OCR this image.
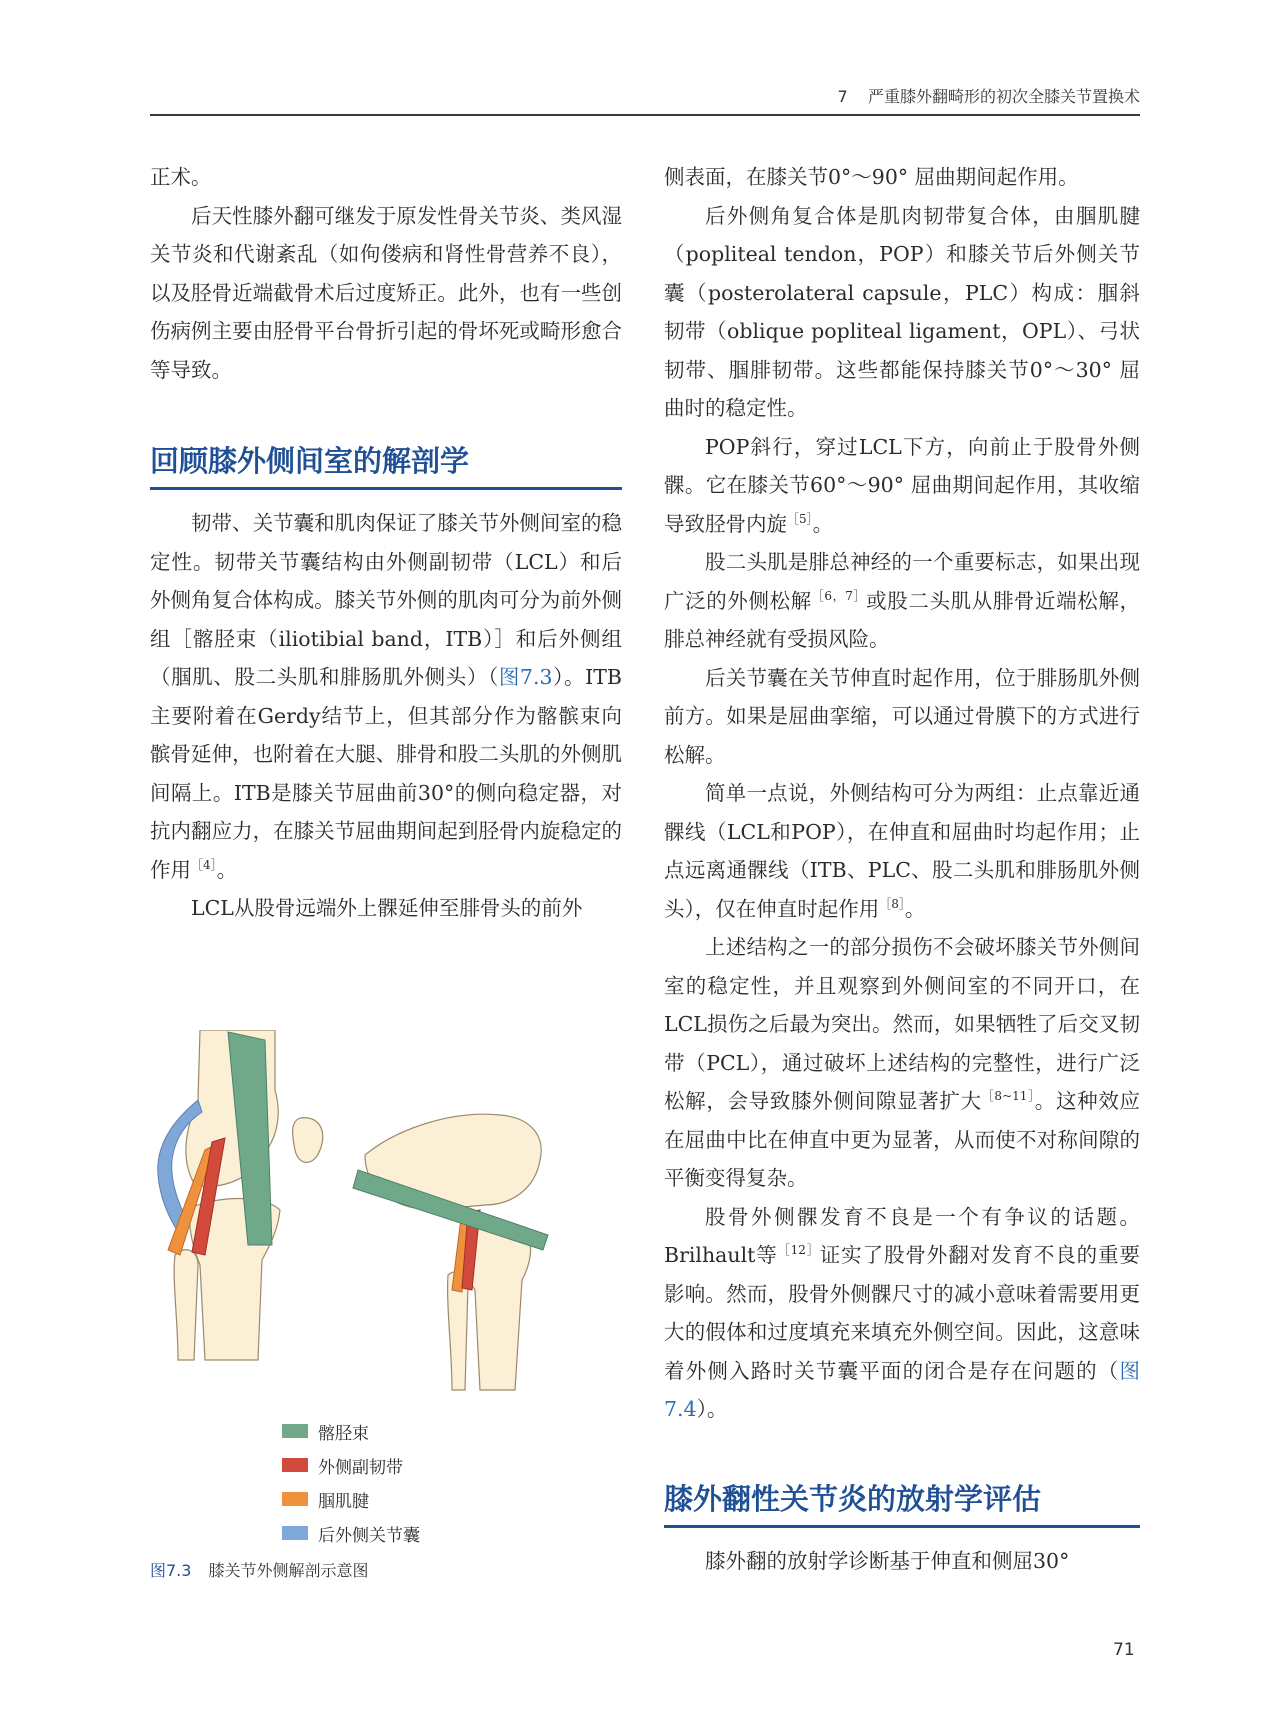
7 严重膝外翻畸形的初次全膝关节置换术

正术。

后天性膝外翻可继发于原发性骨关节炎、类风湿关节炎和代谢紊乱（如佝偻病和肾性骨营养不良），以及胫骨近端截骨术后过度矫正。此外，也有一些创伤病例主要由胫骨平台骨折引起的骨坏死或畸形愈合等导致。

回顾膝外侧间室的解剖学

韧带、关节囊和肌肉保证了膝关节外侧间室的稳定性。韧带关节囊结构由外侧副韧带（LCL）和后外侧角复合体构成。膝关节外侧的肌肉可分为前外侧组［髂胫束（iliotibial band，ITB）］和后外侧组（腘肌、股二头肌和腓肠肌外侧头）（图7.3）。ITB主要附着在Gerdy结节上，但其部分作为髂髌束向髌骨延伸，也附着在大腿、腓骨和股二头肌的外侧肌间隔上。ITB是膝关节屈曲前30°的侧向稳定器，对抗内翻应力，在膝关节屈曲期间起到胫骨内旋稳定的作用$^{[4]}$。

LCL从股骨远端外上髁延伸至腓骨头的前外

髂胫束
外侧副韧带
腘肌腱
后外侧关节囊
图7.3 膝关节外侧解剖示意图

侧表面，在膝关节0°～90° 屈曲期间起作用。

后外侧角复合体是肌肉韧带复合体，由腘肌腱（popliteal tendon，POP）和膝关节后外侧关节囊（posterolateral capsule，PLC）构成：腘斜韧带（oblique popliteal ligament，OPL）、弓状韧带、腘腓韧带。这些都能保持膝关节0°～30° 屈曲时的稳定性。

POP斜行，穿过LCL下方，向前止于股骨外侧髁。它在膝关节60°～90° 屈曲期间起作用，其收缩导致胫骨内旋$^{[5]}$。

股二头肌是腓总神经的一个重要标志，如果出现广泛的外侧松解$^{[6,7]}$或股二头肌从腓骨近端松解，腓总神经就有受损风险。

后关节囊在关节伸直时起作用，位于腓肠肌外侧前方。如果是屈曲挛缩，可以通过骨膜下的方式进行松解。

简单一点说，外侧结构可分为两组：止点靠近通髁线（LCL和POP），在伸直和屈曲时均起作用；止点远离通髁线（ITB、PLC、股二头肌和腓肠肌外侧头），仅在伸直时起作用$^{[8]}$。

上述结构之一的部分损伤不会破坏膝关节外侧间室的稳定性，并且观察到外侧间室的不同开口，在LCL损伤之后最为突出。然而，如果牺牲了后交叉韧带（PCL），通过破坏上述结构的完整性，进行广泛松解，会导致膝外侧间隙显著扩大$^{[8\sim 11]}$。这种效应在屈曲中比在伸直中更为显著，从而使不对称间隙的平衡变得复杂。

股骨外侧髁发育不良是一个有争议的话题。Brilhault等$^{[12]}$证实了股骨外翻对发育不良的重要影响。然而，股骨外侧髁尺寸的减小意味着需要用更大的假体和过度填充来填充外侧空间。因此，这意味着外侧入路时关节囊平面的闭合是存在问题的（图7.4）。

膝外翻性关节炎的放射学评估

膝外翻的放射学诊断基于伸直和侧屈30°

71
